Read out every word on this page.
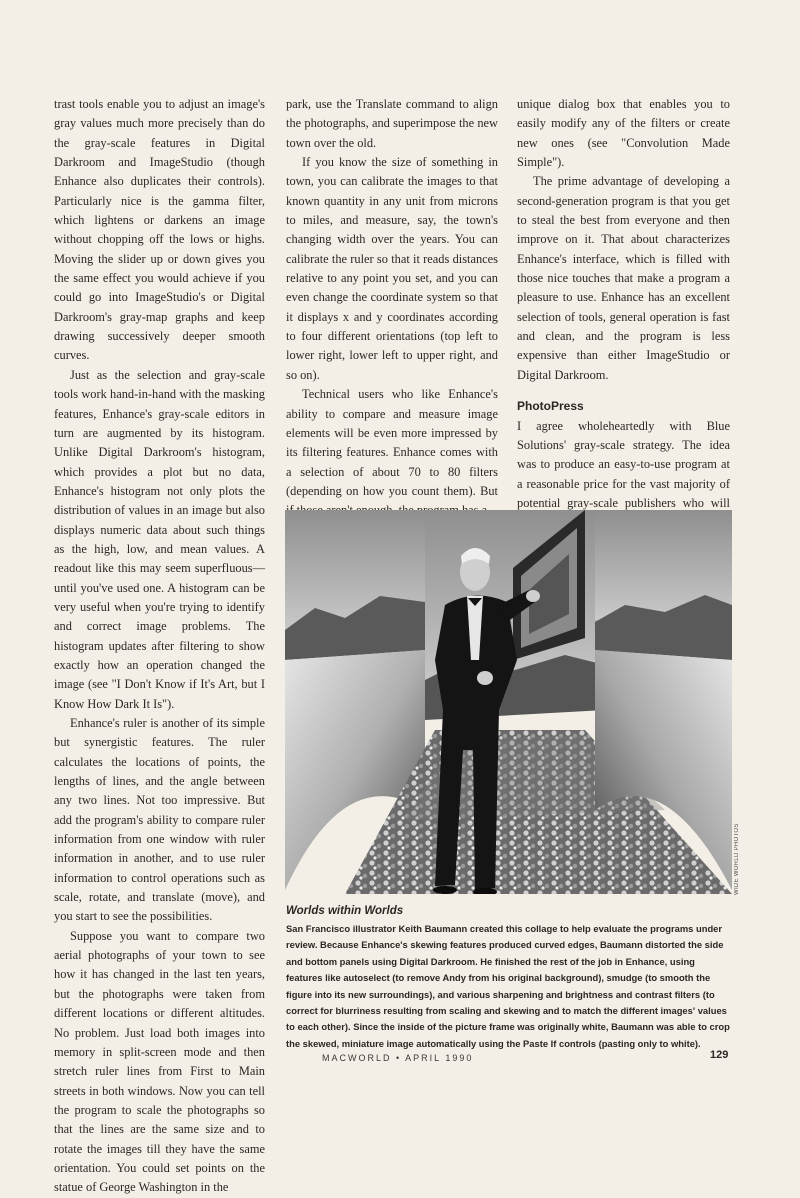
trast tools enable you to adjust an image's gray values much more precisely than do the gray-scale features in Digital Darkroom and ImageStudio (though Enhance also duplicates their controls). Particularly nice is the gamma filter, which lightens or darkens an image without chopping off the lows or highs. Moving the slider up or down gives you the same effect you would achieve if you could go into ImageStudio's or Digital Darkroom's gray-map graphs and keep drawing successively deeper smooth curves.

Just as the selection and gray-scale tools work hand-in-hand with the masking features, Enhance's gray-scale editors in turn are augmented by its histogram. Unlike Digital Darkroom's histogram, which provides a plot but no data, Enhance's histogram not only plots the distribution of values in an image but also displays numeric data about such things as the high, low, and mean values. A readout like this may seem superfluous—until you've used one. A histogram can be very useful when you're trying to identify and correct image problems. The histogram updates after filtering to show exactly how an operation changed the image (see "I Don't Know if It's Art, but I Know How Dark It Is").

Enhance's ruler is another of its simple but synergistic features. The ruler calculates the locations of points, the lengths of lines, and the angle between any two lines. Not too impressive. But add the program's ability to compare ruler information from one window with ruler information in another, and to use ruler information to control operations such as scale, rotate, and translate (move), and you start to see the possibilities.

Suppose you want to compare two aerial photographs of your town to see how it has changed in the last ten years, but the photographs were taken from different locations or different altitudes. No problem. Just load both images into memory in split-screen mode and then stretch ruler lines from First to Main streets in both windows. Now you can tell the program to scale the photographs so that the lines are the same size and to rotate the images till they have the same orientation. You could set points on the statue of George Washington in the

park, use the Translate command to align the photographs, and superimpose the new town over the old.

If you know the size of something in town, you can calibrate the images to that known quantity in any unit from microns to miles, and measure, say, the town's changing width over the years. You can calibrate the ruler so that it reads distances relative to any point you set, and you can even change the coordinate system so that it displays x and y coordinates according to four different orientations (top left to lower right, lower left to upper right, and so on).

Technical users who like Enhance's ability to compare and measure image elements will be even more impressed by its filtering features. Enhance comes with a selection of about 70 to 80 filters (depending on how you count them). But

unique dialog box that enables you to easily modify any of the filters or create new ones (see "Convolution Made Simple").

The prime advantage of developing a second-generation program is that you get to steal the best from everyone and then improve on it. That about characterizes Enhance's interface, which is filled with those nice touches that make a program a pleasure to use. Enhance has an excellent selection of tools, general operation is fast and clean, and the program is less expensive than either ImageStudio or Digital Darkroom.

PhotoPress

I agree wholeheartedly with Blue Solutions' gray-scale strategy. The idea was to produce an easy-to-use program at a reasonable price for the vast majority of potential gray-scale publishers who will

WIDE WORLD PHOTOS

Worlds within Worlds

San Francisco illustrator Keith Baumann created this collage to help evaluate the programs under review. Because Enhance's skewing features produced curved edges, Baumann distorted the side and bottom panels using Digital Darkroom. He finished the rest of the job in Enhance, using features like autoselect (to remove Andy from his original background), smudge (to smooth the figure into its new surroundings), and various sharpening and brightness and contrast filters (to correct for blurriness resulting from scaling and skewing and to match the different images' values to each other). Since the inside of the picture frame was originally white, Baumann was able to crop the skewed, miniature image automatically using the Paste If controls (pasting only to white).

MACWORLD • APRIL 1990	129
